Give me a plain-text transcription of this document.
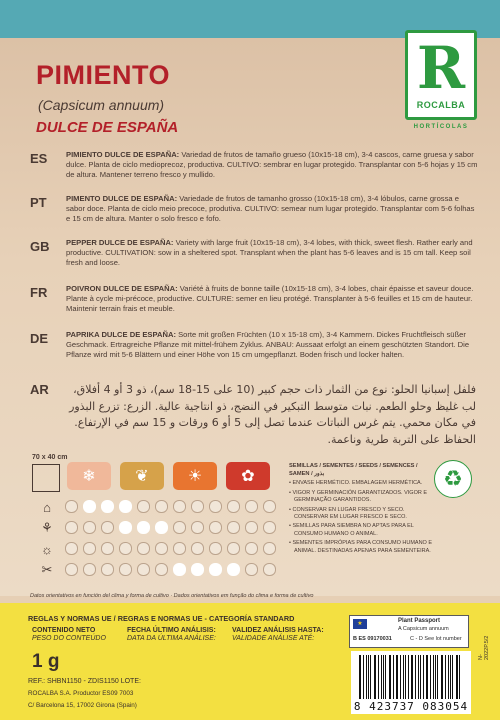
PIMIENTO
(Capsicum annuum)
DULCE DE ESPAÑA
R
ROCALBA
HORTÍCOLAS
ES	PIMIENTO DULCE DE ESPAÑA: Variedad de frutos de tamaño grueso (10x15-18 cm), 3-4 cascos, carne gruesa y sabor dulce. Planta de ciclo medioprecoz, productiva. CULTIVO: sembrar en lugar protegido. Transplantar con 5-6 hojas y 15 cm de altura. Mantener terreno fresco y mullido.
PT	PIMENTO DULCE DE ESPAÑA: Variedade de frutos de tamanho grosso (10x15-18 cm), 3-4 lóbulos, carne grossa e sabor doce. Planta de ciclo meio precoce, produtiva. CULTIVO: semear num lugar protegido. Transplantar com 5-6 folhas e 15 cm de altura. Manter o solo fresco e fofo.
GB	PEPPER DULCE DE ESPAÑA: Variety with large fruit (10x15-18 cm), 3-4 lobes, with thick, sweet flesh. Rather early and productive. CULTIVATION: sow in a sheltered spot. Transplant when the plant has 5-6 leaves and is 15 cm tall. Keep soil fresh and loose.
FR	POIVRON DULCE DE ESPAÑA: Variété à fruits de bonne taille (10x15-18 cm), 3-4 lobes, chair épaisse et saveur douce. Plante à cycle mi-précoce, productive. CULTURE: semer en lieu protégé. Transplanter à 5-6 feuilles et 15 cm de hauteur. Maintenir terrain frais et meuble.
DE	PAPRIKA DULCE DE ESPAÑA: Sorte mit großen Früchten (10 x 15-18 cm), 3-4 Kammern. Dickes Fruchtfleisch süßer Geschmack. Ertragreiche Pflanze mit mittel-frühem Zyklus. ANBAU: Aussaat erfolgt an einem geschützten Standort. Die Pflanze wird mit 5-6 Blättern und einer Höhe von 15 cm umgepflanzt. Boden frisch und locker halten.
AR	فلفل إسبانيا الحلو: نوع من الثمار ذات حجم كبير (10 على 15-18 سم)، ذو 3 أو 4 أفلاق، لب غليظ وحلو الطعم. نبات متوسط التبكير في النضج، ذو انتاجية عالية. الزرع: تزرع البذور في مكان محمي. يتم غرس النباتات عندما تصل إلى 5 أو 6 ورقات و 15 سم في الإرتفاع. الحفاظ على التربة طرية وناعمة.
70 x 40 cm
❄	❦	☀	✿
⌂
⚘
☼
✂
SEMILLAS / SEMENTES / SEEDS / SEMENCES / SAMEN / بذور
• ENVASE HERMÉTICO. EMBALAGEM HERMÉTICA.
• VIGOR Y GERMINACIÓN GARANTIZADOS. VIGOR E GERMINAÇÃO GARANTIDOS.
• CONSERVAR EN LUGAR FRESCO Y SECO. CONSERVAR EM LUGAR FRESCO E SECO.
• SEMILLAS PARA SIEMBRA NO APTAS PARA EL CONSUMO HUMANO O ANIMAL.
• SEMENTES IMPRÓPIAS PARA CONSUMO HUMANO E ANIMAL. DESTINADAS APENAS PARA SEMENTEIRA.
♻
Datos orientativos en función del clima y forma de cultivo · Dados orientativos em função do clima e forma de cultivo
REGLAS Y NORMAS UE / REGRAS E NORMAS UE - CATEGORÍA STANDARD
CONTENIDO NETO
PESO DO CONTEÚDO
FECHA ÚLTIMO ANÁLISIS:
DATA DA ÚLTIMA ANÁLISE:
VALIDEZ ANÁLISIS HASTA:
VALIDADE ANÁLISE ATÉ:
1 g
REF.: SHBN1150 - ZDIS1150 LOTE:
ROCALBA S.A. Productor ES09 7003
C/ Barcelona 15, 17002 Girona (Spain)
★	Plant Passport
A Capsicum annuum
B ES 09170031	C - D See lot number
8 423737 083054
N-2022P.5/2
